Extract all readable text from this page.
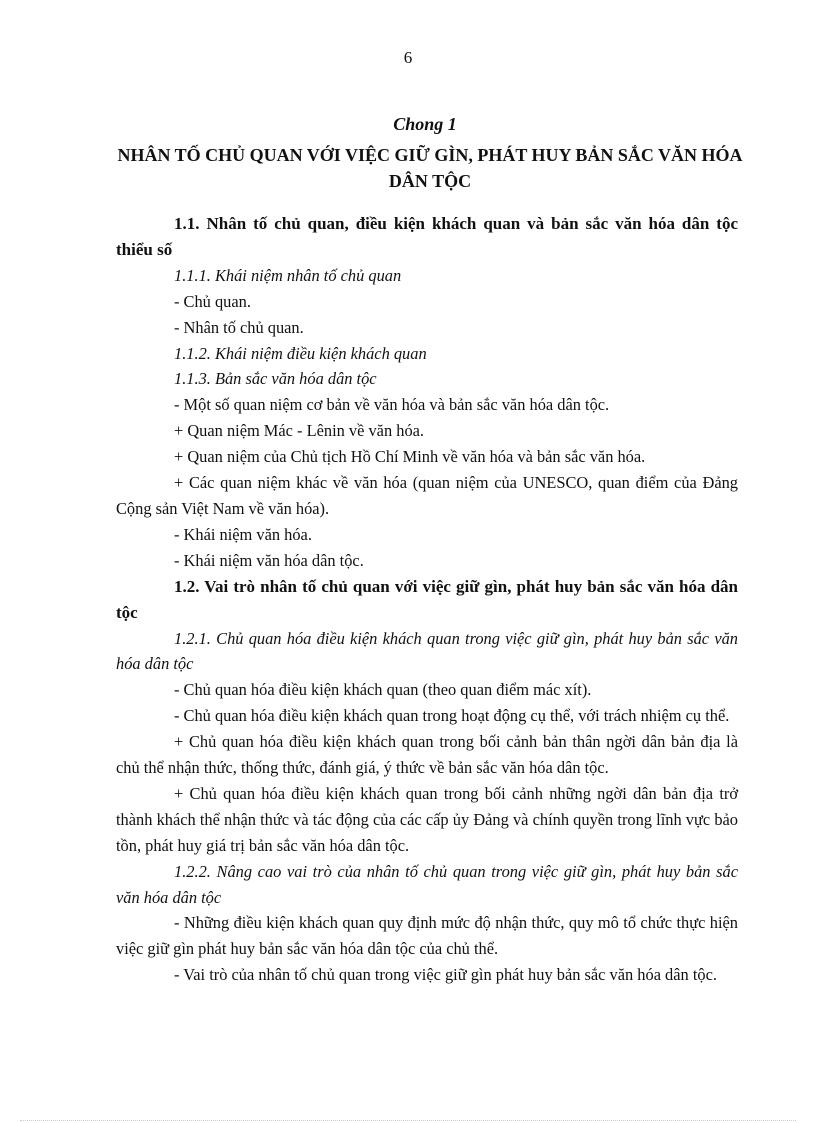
6
Chong 1
NHÂN TỐ CHỦ QUAN VỚI VIỆC GIỮ GÌN, PHÁT HUY BẢN SẮC VĂN HÓA DÂN TỘC

1.1. Nhân tố chủ quan, điều kiện khách quan và bản sắc văn hóa dân tộc thiểu số

1.1.1. Khái niệm nhân tố chủ quan

- Chủ quan.

- Nhân tố chủ quan.

1.1.2. Khái niệm điều kiện khách quan

1.1.3. Bản sắc văn hóa dân tộc

- Một số quan niệm cơ bản về văn hóa và bản sắc văn hóa dân tộc.

+ Quan niệm Mác - Lênin về văn hóa.

+ Quan niệm của Chủ tịch Hồ Chí Minh về văn hóa và bản sắc văn hóa.

+ Các quan niệm khác về văn hóa (quan niệm của UNESCO, quan điểm của Đảng Cộng sản Việt Nam về văn hóa).

- Khái niệm văn hóa.

- Khái niệm văn hóa dân tộc.

1.2. Vai trò nhân tố chủ quan với việc giữ gìn, phát huy bản sắc văn hóa dân tộc

1.2.1. Chủ quan hóa điều kiện khách quan trong việc giữ gìn, phát huy bản sắc văn hóa dân tộc

- Chủ quan hóa điều kiện khách quan (theo quan điểm mác xít).

- Chủ quan hóa điều kiện khách quan trong hoạt động cụ thể, với trách nhiệm cụ thể.

+ Chủ quan hóa điều kiện khách quan trong bối cảnh bản thân ngời dân bản địa là chủ thể nhận thức, thống thức, đánh giá, ý thức về bản sắc văn hóa dân tộc.

+ Chủ quan hóa điều kiện khách quan trong bối cảnh những ngời dân bản địa trở thành khách thể nhận thức và tác động của các cấp ủy Đảng và chính quyền trong lĩnh vực bảo tồn, phát huy giá trị bản sắc văn hóa dân tộc.

1.2.2. Nâng cao vai trò của nhân tố chủ quan trong việc giữ gìn, phát huy bản sắc văn hóa dân tộc

- Những điều kiện khách quan quy định mức độ nhận thức, quy mô tổ chức thực hiện việc giữ gìn phát huy bản sắc văn hóa dân tộc của chủ thể.

- Vai trò của nhân tố chủ quan trong việc giữ gìn phát huy bản sắc văn hóa dân tộc.
